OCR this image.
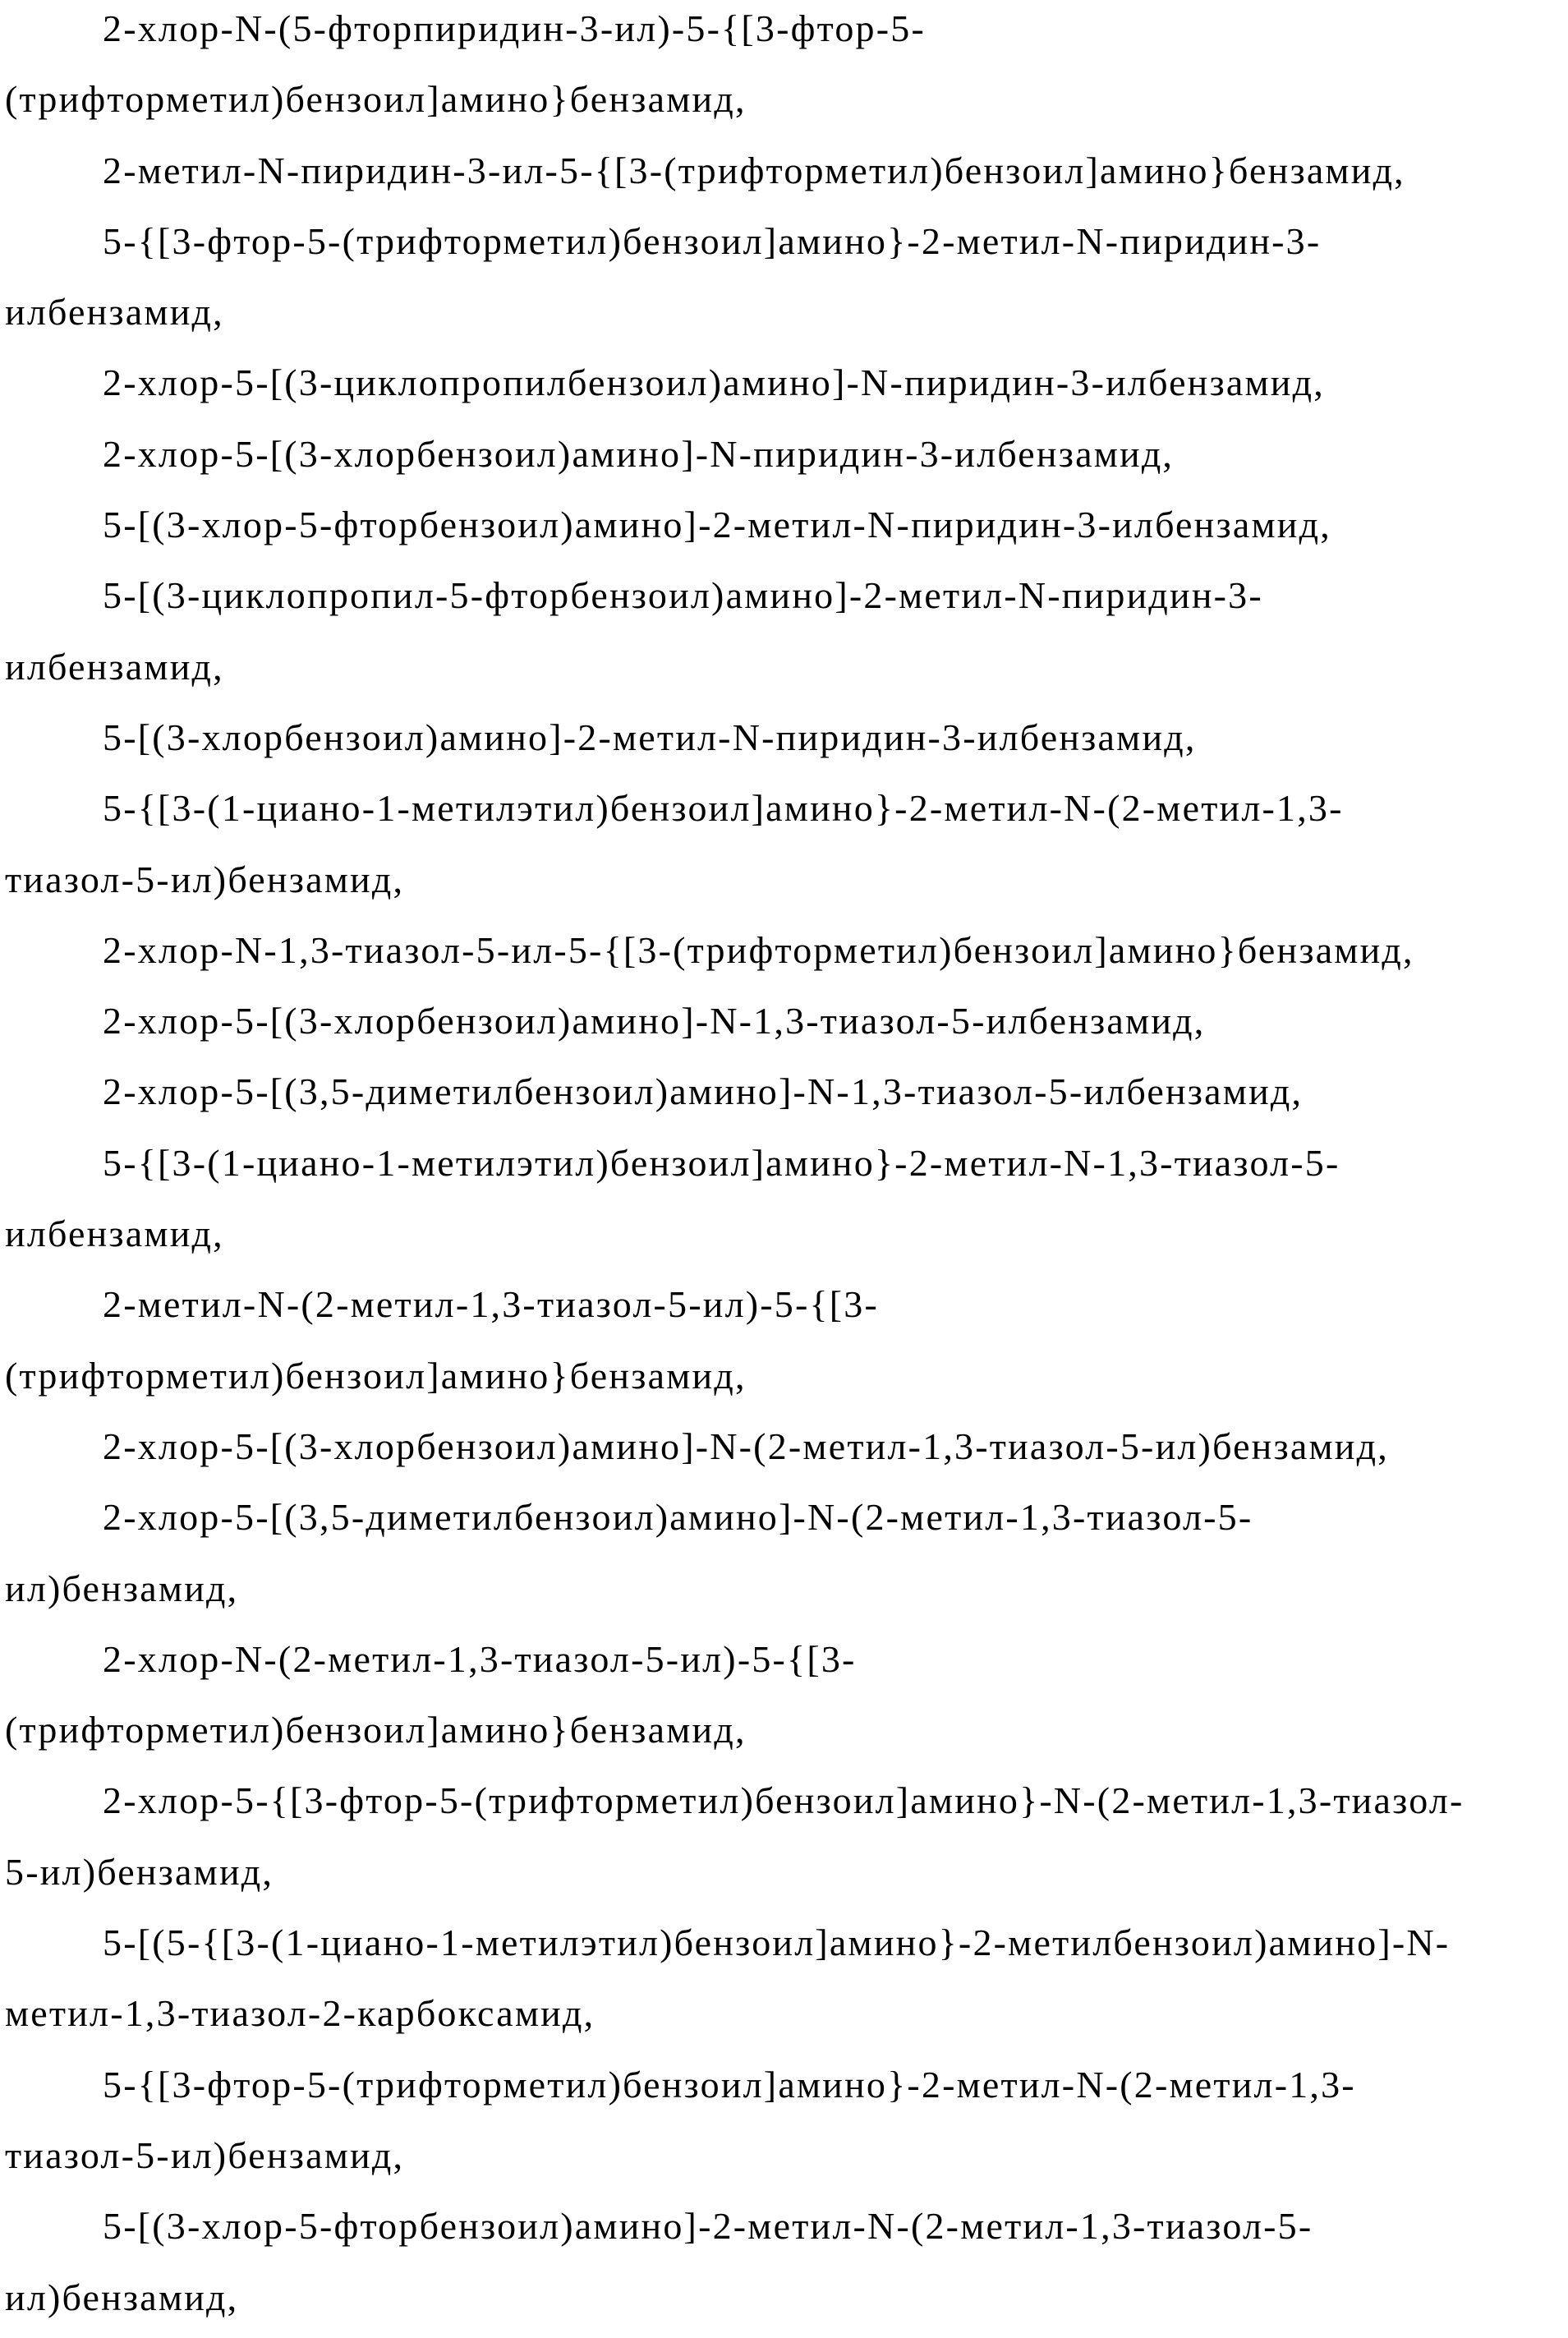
2-хлор-N-(5-фторпиридин-3-ил)-5-{[3-фтор-5-
(трифторметил)бензоил]амино}бензамид,
2-метил-N-пиридин-3-ил-5-{[3-(трифторметил)бензоил]амино}бензамид,
5-{[3-фтор-5-(трифторметил)бензоил]амино}-2-метил-N-пиридин-3-
илбензамид,
2-хлор-5-[(3-циклопропилбензоил)амино]-N-пиридин-3-илбензамид,
2-хлор-5-[(3-хлорбензоил)амино]-N-пиридин-3-илбензамид,
5-[(3-хлор-5-фторбензоил)амино]-2-метил-N-пиридин-3-илбензамид,
5-[(3-циклопропил-5-фторбензоил)амино]-2-метил-N-пиридин-3-
илбензамид,
5-[(3-хлорбензоил)амино]-2-метил-N-пиридин-3-илбензамид,
5-{[3-(1-циано-1-метилэтил)бензоил]амино}-2-метил-N-(2-метил-1,3-
тиазол-5-ил)бензамид,
2-хлор-N-1,3-тиазол-5-ил-5-{[3-(трифторметил)бензоил]амино}бензамид,
2-хлор-5-[(3-хлорбензоил)амино]-N-1,3-тиазол-5-илбензамид,
2-хлор-5-[(3,5-диметилбензоил)амино]-N-1,3-тиазол-5-илбензамид,
5-{[3-(1-циано-1-метилэтил)бензоил]амино}-2-метил-N-1,3-тиазол-5-
илбензамид,
2-метил-N-(2-метил-1,3-тиазол-5-ил)-5-{[3-
(трифторметил)бензоил]амино}бензамид,
2-хлор-5-[(3-хлорбензоил)амино]-N-(2-метил-1,3-тиазол-5-ил)бензамид,
2-хлор-5-[(3,5-диметилбензоил)амино]-N-(2-метил-1,3-тиазол-5-
ил)бензамид,
2-хлор-N-(2-метил-1,3-тиазол-5-ил)-5-{[3-
(трифторметил)бензоил]амино}бензамид,
2-хлор-5-{[3-фтор-5-(трифторметил)бензоил]амино}-N-(2-метил-1,3-тиазол-
5-ил)бензамид,
5-[(5-{[3-(1-циано-1-метилэтил)бензоил]амино}-2-метилбензоил)амино]-N-
метил-1,3-тиазол-2-карбоксамид,
5-{[3-фтор-5-(трифторметил)бензоил]амино}-2-метил-N-(2-метил-1,3-
тиазол-5-ил)бензамид,
5-[(3-хлор-5-фторбензоил)амино]-2-метил-N-(2-метил-1,3-тиазол-5-
ил)бензамид,
